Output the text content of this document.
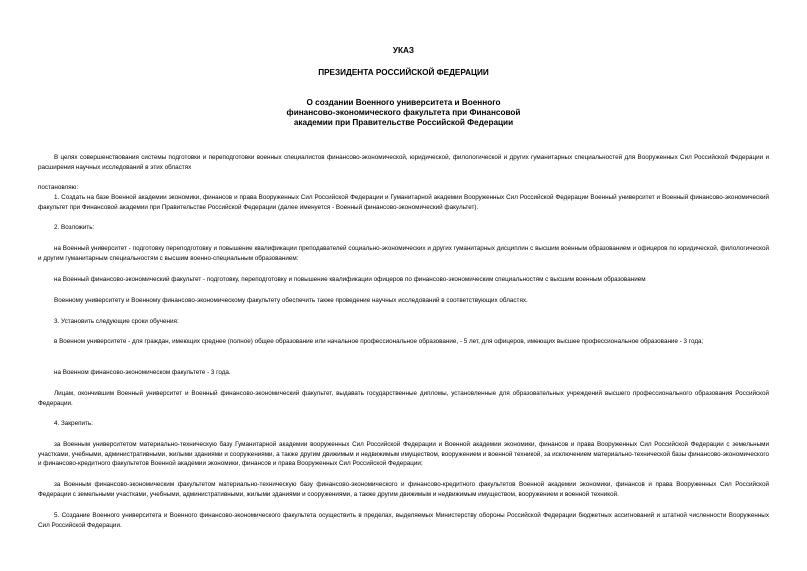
УКАЗ
ПРЕЗИДЕНТА РОССИЙСКОЙ ФЕДЕРАЦИИ
О создании Военного университета и Военного
финансово-экономического факультета при Финансовой
академии при Правительстве Российской Федерации

В целях совершенствования системы подготовки и переподготовки военных специалистов финансово-экономической, юридической, филологической и других гуманитарных специальностей для Вооруженных Сил Российской Федерации и расширения научных исследований в этих областях

постановляю:

1. Создать на базе Военной академии экономики, финансов и права Вооруженных Сил Российской Федерации и Гуманитарной академии Вооруженных Сил Российской Федерации Военный университет и Военный финансово-экономический факультет при Финансовой академии при Правительстве Российской Федерации (далее именуется - Военный финансово-экономический факультет).

2. Возложить:

на Военный университет - подготовку переподготовку и повышение квалификации преподавателей социально-экономических и других гуманитарных дисциплин с высшим военным образованием и офицеров по юридической, филологической и другим гуманитарным специальностям с высшим военно-специальным образованием:

на Военный финансово-экономический факультет - подготовку, переподготовку и повышение квалификации офицеров по финансово-экономическим специальностям с высшим военным образованием

Военному университету и Военному финансово-экономическому факультету обеспечить также проведение научных исследований в соответствующих областях.

3. Установить следующие сроки обучения:

в Военном университете - для граждан, имеющих среднее (полное) общее образование или начальное профессиональное образование, - 5 лет, для офицеров, имеющих высшее профессиональное образование - 3 года;

на Военном финансово-экономическом факультете - 3 года.

Лицам, окончившим Военный университет и Военный финансово-экономический факультет, выдавать государственные дипломы, установленные для образовательных учреждений высшего профессионального образования Российской Федерации.

4. Закрепить:

за Военным университетом материально-техническую базу Гуманитарной академии вооруженных Сил Российской Федерации и Военной академии экономики, финансов и права Вооруженных Сил Российской Федерации с земельными участками, учебными, административными, жилыми зданиями и сооружениями, а также другим движимым и недвижимым имуществом, вооружением и военной техникой, за исключением материально-технической базы финансово-экономического и финансово-кредитного факультетов Военной академии экономики, финансов и права Вооруженных Сил Российской Федерации;

за Военным финансово-экономическим факультетом материально-техническую базу финансово-экономического и финансово-кредитного факультетов Военной академии экономики, финансов и права Вооруженных Сил Российской Федерации с земельными участками, учебными, административными, жилыми зданиями и сооружениями, а также другим движимым и недвижимым имуществом, вооружением и военной техникой.

5. Создание Военного университета и Военного финансово-экономического факультета осуществить в пределах, выделяемых Министерству обороны Российской Федерации бюджетных ассигнований и штатной численности Вооруженных Сил Российской Федерации.
